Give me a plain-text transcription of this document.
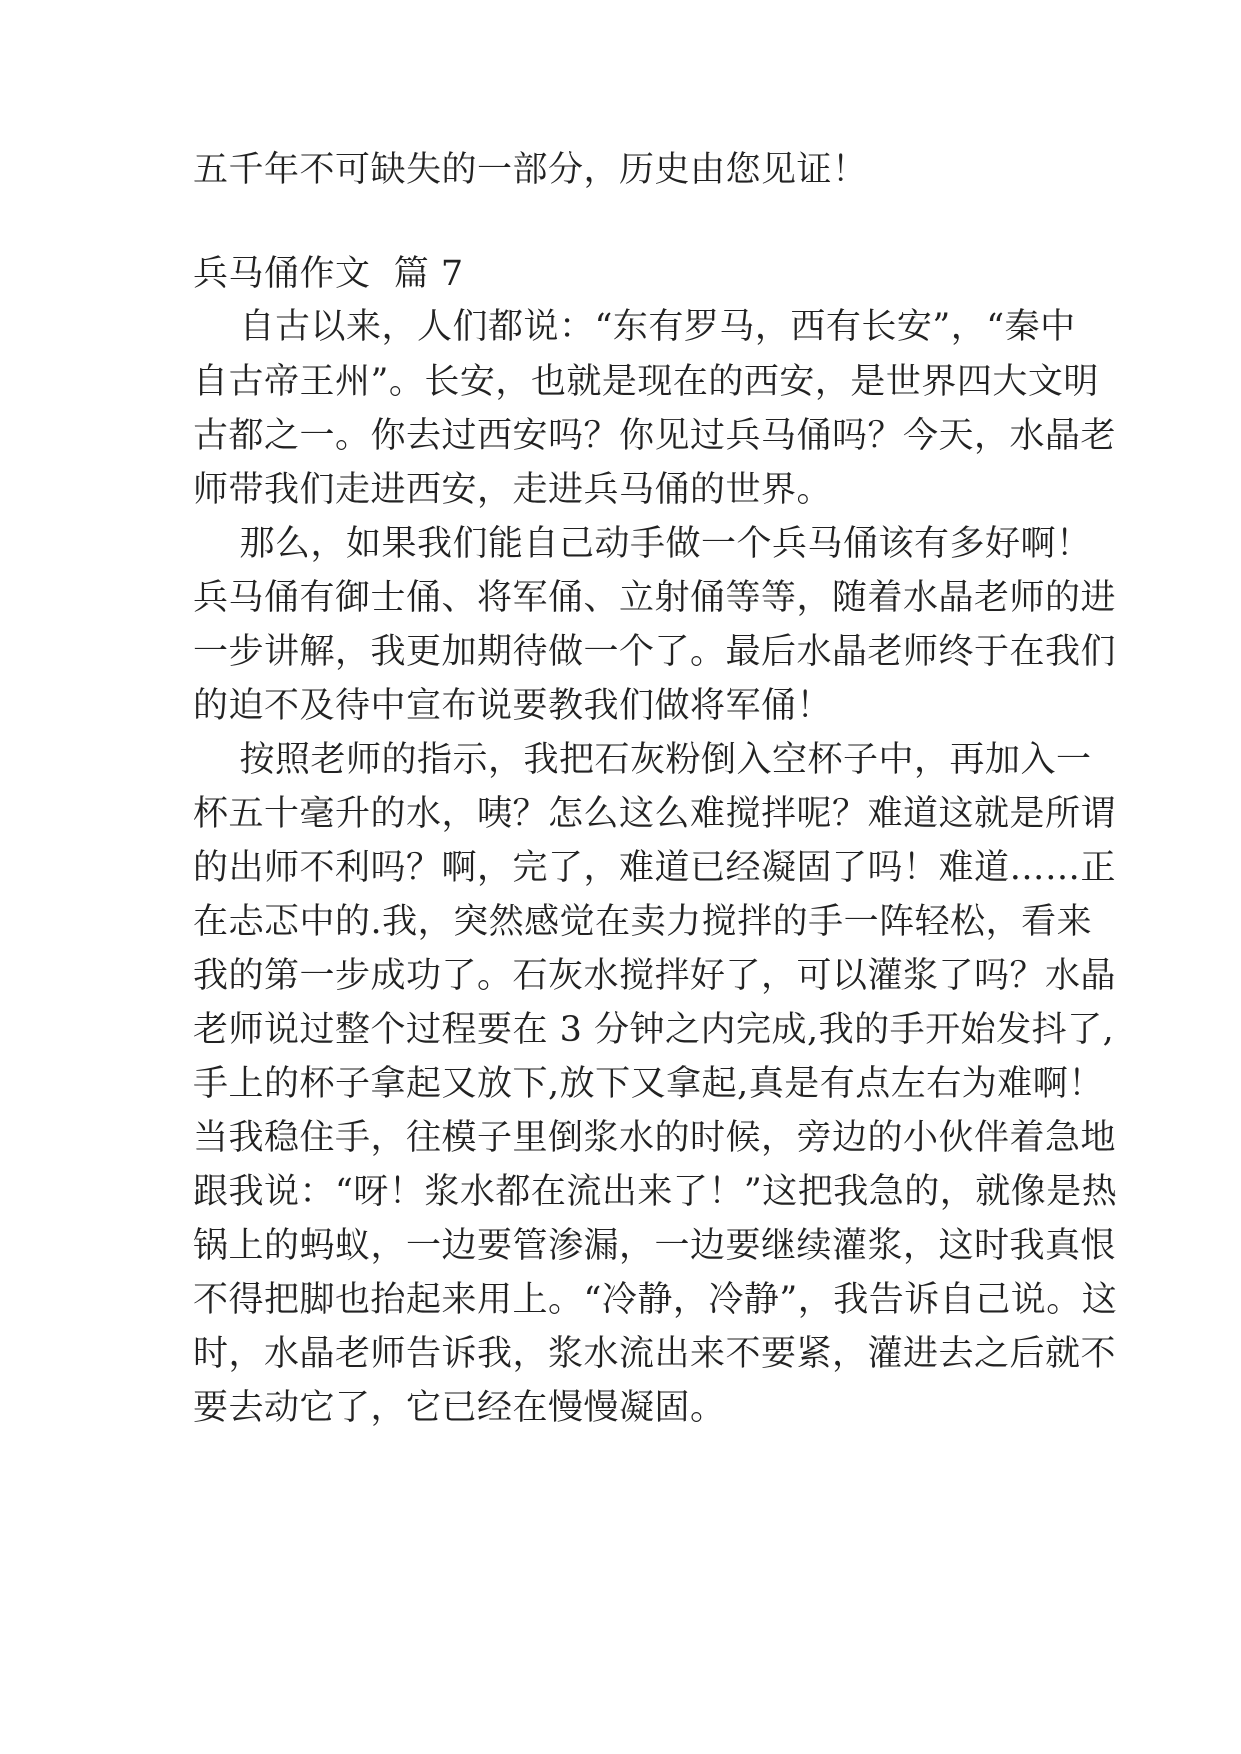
五千年不可缺失的一部分，历史由您见证！
兵马俑作文  篇 7
自古以来，人们都说：“东有罗马，西有长安”，“秦中
自古帝王州”。长安，也就是现在的西安，是世界四大文明
古都之一。你去过西安吗？你见过兵马俑吗？今天，水晶老
师带我们走进西安，走进兵马俑的世界。
那么，如果我们能自己动手做一个兵马俑该有多好啊！
兵马俑有御士俑、将军俑、立射俑等等，随着水晶老师的进
一步讲解，我更加期待做一个了。最后水晶老师终于在我们
的迫不及待中宣布说要教我们做将军俑！
按照老师的指示，我把石灰粉倒入空杯子中，再加入一
杯五十毫升的水，咦？怎么这么难搅拌呢？难道这就是所谓
的出师不利吗？啊，完了，难道已经凝固了吗！难道……正
在忐忑中的.我，突然感觉在卖力搅拌的手一阵轻松，看来
我的第一步成功了。石灰水搅拌好了，可以灌浆了吗？水晶
老师说过整个过程要在 3 分钟之内完成,我的手开始发抖了,
手上的杯子拿起又放下,放下又拿起,真是有点左右为难啊！
当我稳住手，往模子里倒浆水的时候，旁边的小伙伴着急地
跟我说：“呀！浆水都在流出来了！”这把我急的，就像是热
锅上的蚂蚁，一边要管渗漏，一边要继续灌浆，这时我真恨
不得把脚也抬起来用上。“冷静，冷静”，我告诉自己说。这
时，水晶老师告诉我，浆水流出来不要紧，灌进去之后就不
要去动它了，它已经在慢慢凝固。
